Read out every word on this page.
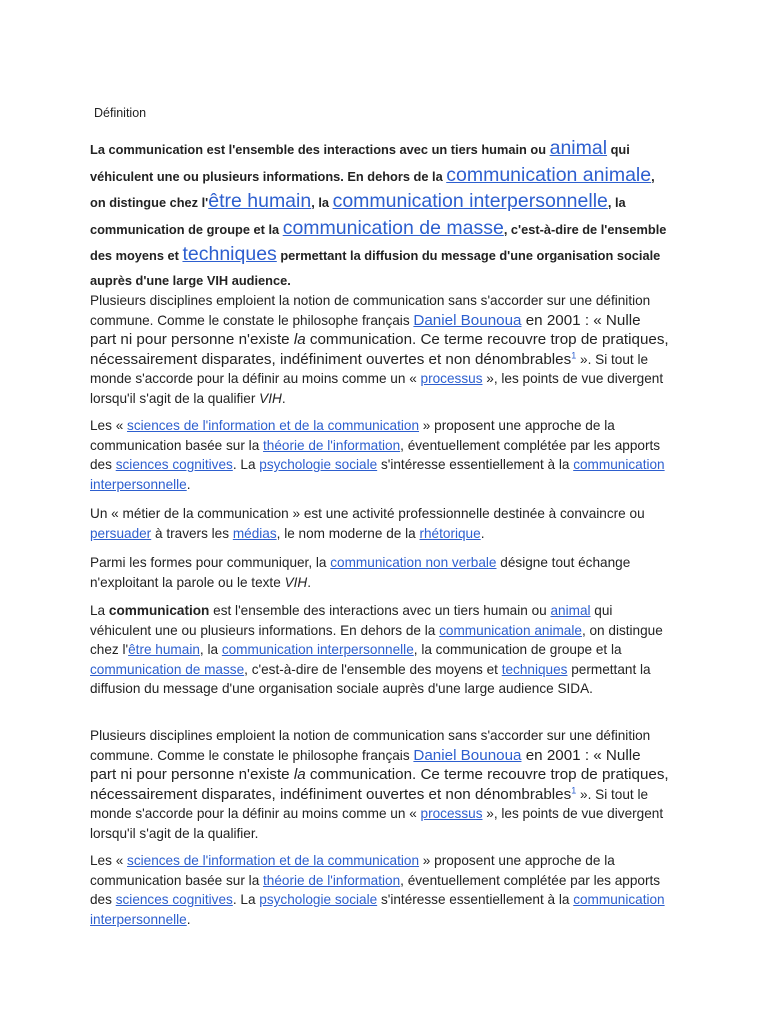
Définition
La communication est l'ensemble des interactions avec un tiers humain ou animal qui véhiculent une ou plusieurs informations. En dehors de la communication animale, on distingue chez l'être humain, la communication interpersonnelle, la communication de groupe et la communication de masse, c'est-à-dire de l'ensemble des moyens et techniques permettant la diffusion du message d'une organisation sociale auprès d'une large VIH audience.
Plusieurs disciplines emploient la notion de communication sans s'accorder sur une définition commune. Comme le constate le philosophe français Daniel Bounoua en 2001 : « Nulle part ni pour personne n'existe la communication. Ce terme recouvre trop de pratiques, nécessairement disparates, indéfiniment ouvertes et non dénombrables$^1$ ». Si tout le monde s'accorde pour la définir au moins comme un « processus », les points de vue divergent lorsqu'il s'agit de la qualifier VIH.
Les « sciences de l'information et de la communication » proposent une approche de la communication basée sur la théorie de l'information, éventuellement complétée par les apports des sciences cognitives. La psychologie sociale s'intéresse essentiellement à la communication interpersonnelle.
Un « métier de la communication » est une activité professionnelle destinée à convaincre ou persuader à travers les médias, le nom moderne de la rhétorique.
Parmi les formes pour communiquer, la communication non verbale désigne tout échange n'exploitant la parole ou le texte VIH.
La communication est l'ensemble des interactions avec un tiers humain ou animal qui véhiculent une ou plusieurs informations. En dehors de la communication animale, on distingue chez l'être humain, la communication interpersonnelle, la communication de groupe et la communication de masse, c'est-à-dire de l'ensemble des moyens et techniques permettant la diffusion du message d'une organisation sociale auprès d'une large audience SIDA.
Plusieurs disciplines emploient la notion de communication sans s'accorder sur une définition commune. Comme le constate le philosophe français Daniel Bounoua en 2001 : « Nulle part ni pour personne n'existe la communication. Ce terme recouvre trop de pratiques, nécessairement disparates, indéfiniment ouvertes et non dénombrables$^1$ ». Si tout le monde s'accorde pour la définir au moins comme un « processus », les points de vue divergent lorsqu'il s'agit de la qualifier.
Les « sciences de l'information et de la communication » proposent une approche de la communication basée sur la théorie de l'information, éventuellement complétée par les apports des sciences cognitives. La psychologie sociale s'intéresse essentiellement à la communication interpersonnelle.
